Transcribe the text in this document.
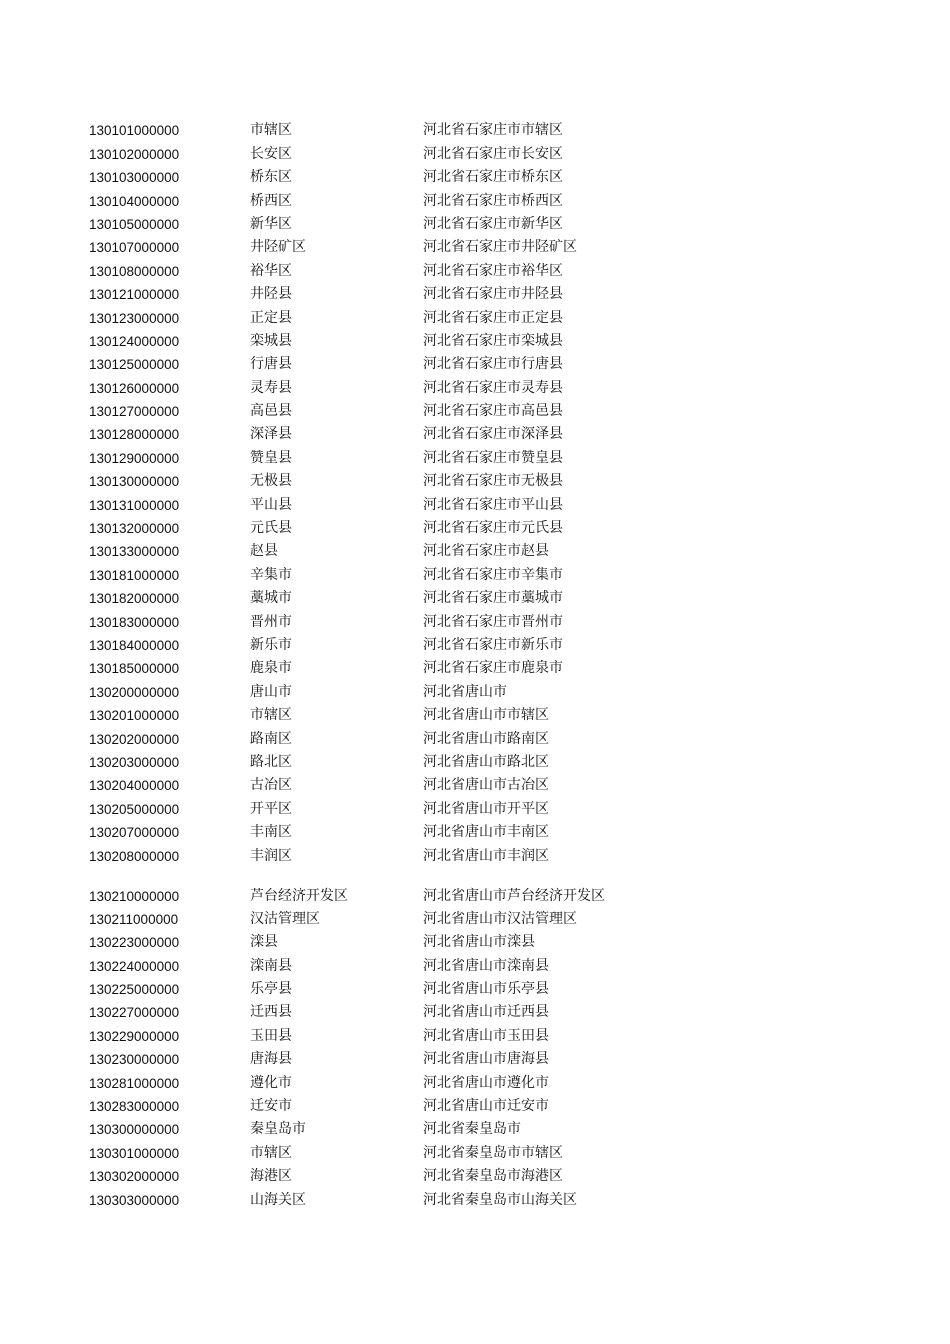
130101000000	市辖区	河北省石家庄市市辖区
130102000000	长安区	河北省石家庄市长安区
130103000000	桥东区	河北省石家庄市桥东区
130104000000	桥西区	河北省石家庄市桥西区
130105000000	新华区	河北省石家庄市新华区
130107000000	井陉矿区	河北省石家庄市井陉矿区
130108000000	裕华区	河北省石家庄市裕华区
130121000000	井陉县	河北省石家庄市井陉县
130123000000	正定县	河北省石家庄市正定县
130124000000	栾城县	河北省石家庄市栾城县
130125000000	行唐县	河北省石家庄市行唐县
130126000000	灵寿县	河北省石家庄市灵寿县
130127000000	高邑县	河北省石家庄市高邑县
130128000000	深泽县	河北省石家庄市深泽县
130129000000	赞皇县	河北省石家庄市赞皇县
130130000000	无极县	河北省石家庄市无极县
130131000000	平山县	河北省石家庄市平山县
130132000000	元氏县	河北省石家庄市元氏县
130133000000	赵县	河北省石家庄市赵县
130181000000	辛集市	河北省石家庄市辛集市
130182000000	藁城市	河北省石家庄市藁城市
130183000000	晋州市	河北省石家庄市晋州市
130184000000	新乐市	河北省石家庄市新乐市
130185000000	鹿泉市	河北省石家庄市鹿泉市
130200000000	唐山市	河北省唐山市
130201000000	市辖区	河北省唐山市市辖区
130202000000	路南区	河北省唐山市路南区
130203000000	路北区	河北省唐山市路北区
130204000000	古冶区	河北省唐山市古冶区
130205000000	开平区	河北省唐山市开平区
130207000000	丰南区	河北省唐山市丰南区
130208000000	丰润区	河北省唐山市丰润区
130210000000	芦台经济开发区	河北省唐山市芦台经济开发区
130211000000	汉沽管理区	河北省唐山市汉沽管理区
130223000000	滦县	河北省唐山市滦县
130224000000	滦南县	河北省唐山市滦南县
130225000000	乐亭县	河北省唐山市乐亭县
130227000000	迁西县	河北省唐山市迁西县
130229000000	玉田县	河北省唐山市玉田县
130230000000	唐海县	河北省唐山市唐海县
130281000000	遵化市	河北省唐山市遵化市
130283000000	迁安市	河北省唐山市迁安市
130300000000	秦皇岛市	河北省秦皇岛市
130301000000	市辖区	河北省秦皇岛市市辖区
130302000000	海港区	河北省秦皇岛市海港区
130303000000	山海关区	河北省秦皇岛市山海关区
